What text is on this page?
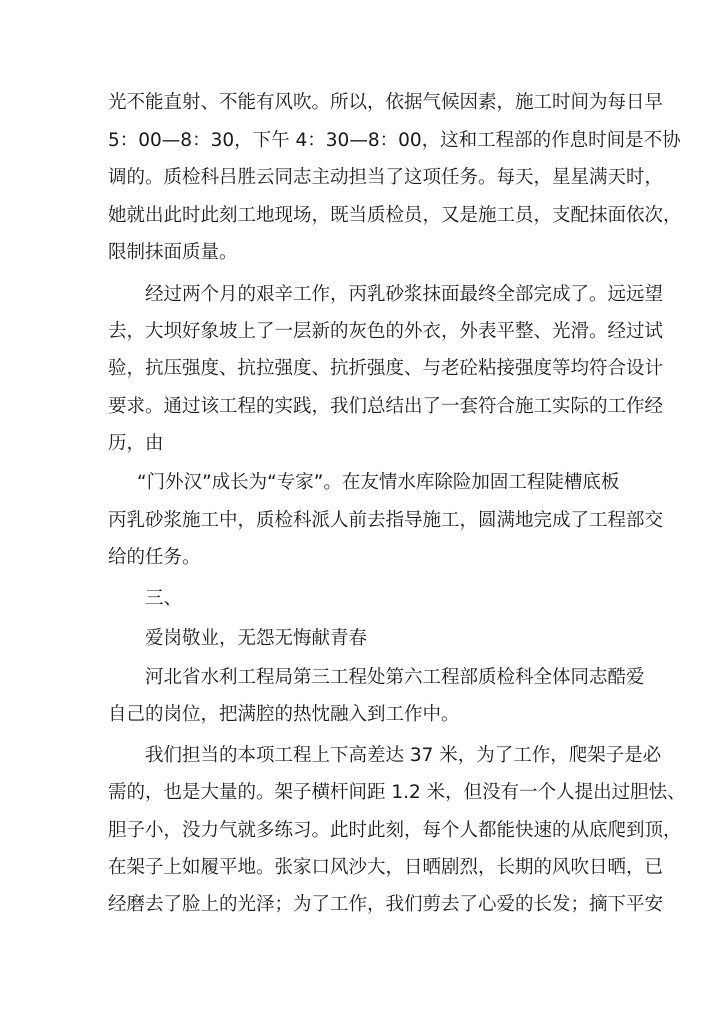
光不能直射、不能有风吹。所以，依据气候因素，施工时间为每日早
5：00—8：30，下午 4：30—8：00，这和工程部的作息时间是不协
调的。质检科吕胜云同志主动担当了这项任务。每天，星星满天时，
她就出此时此刻工地现场，既当质检员，又是施工员，支配抹面依次，
限制抹面质量。
经过两个月的艰辛工作，丙乳砂浆抹面最终全部完成了。远远望
去，大坝好象坡上了一层新的灰色的外衣，外表平整、光滑。经过试
验，抗压强度、抗拉强度、抗折强度、与老砼粘接强度等均符合设计
要求。通过该工程的实践，我们总结出了一套符合施工实际的工作经
历，由
“门外汉”成长为“专家”。在友情水库除险加固工程陡槽底板
丙乳砂浆施工中，质检科派人前去指导施工，圆满地完成了工程部交
给的任务。
三、
爱岗敬业，无怨无悔献青春
河北省水利工程局第三工程处第六工程部质检科全体同志酷爱
自己的岗位，把满腔的热忱融入到工作中。
我们担当的本项工程上下高差达 37 米，为了工作，爬架子是必
需的，也是大量的。架子横杆间距 1.2 米，但没有一个人提出过胆怯、
胆子小，没力气就多练习。此时此刻，每个人都能快速的从底爬到顶，
在架子上如履平地。张家口风沙大，日晒剧烈，长期的风吹日晒，已
经磨去了脸上的光泽；为了工作，我们剪去了心爱的长发；摘下平安
